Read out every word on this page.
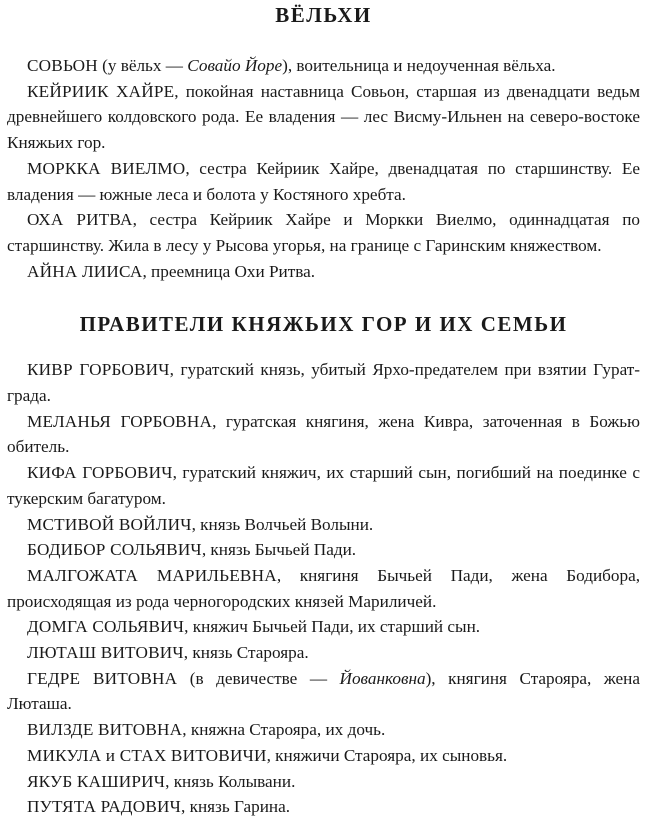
ВЁЛЬХИ

СОВЬОН (у вёльх — Совайо Йоре), воительница и недоученная вёльха.

КЕЙРИИК ХАЙРЕ, покойная наставница Совьон, старшая из двенадцати ведьм древнейшего колдовского рода. Ее владения — лес Висму-Ильнен на северо-востоке Княжьих гор.

МОРККА ВИЕЛМО, сестра Кейриик Хайре, двенадцатая по старшинству. Ее владения — южные леса и болота у Костяного хребта.

ОХА РИТВА, сестра Кейриик Хайре и Моркки Виелмо, одиннадцатая по старшинству. Жила в лесу у Рысова угорья, на границе с Гаринским княжеством.

АЙНА ЛИИСА, преемница Охи Ритва.

ПРАВИТЕЛИ КНЯЖЬИХ ГОР И ИХ СЕМЬИ

КИВР ГОРБОВИЧ, гуратский князь, убитый Ярхо-предателем при взятии Гурат-града.

МЕЛАНЬЯ ГОРБОВНА, гуратская княгиня, жена Кивра, заточенная в Божью обитель.

КИФА ГОРБОВИЧ, гуратский княжич, их старший сын, погибший на поединке с тукерским багатуром.

МСТИВОЙ ВОЙЛИЧ, князь Волчьей Волыни.

БОДИБОР СОЛЬЯВИЧ, князь Бычьей Пади.

МАЛГОЖАТА МАРИЛЬЕВНА, княгиня Бычьей Пади, жена Бодибора, происходящая из рода черногородских князей Мариличей.

ДОМГА СОЛЬЯВИЧ, княжич Бычьей Пади, их старший сын.

ЛЮТАШ ВИТОВИЧ, князь Старояра.

ГЕДРЕ ВИТОВНА (в девичестве — Йованковна), княгиня Старояра, жена Люташа.

ВИЛЗДЕ ВИТОВНА, княжна Старояра, их дочь.

МИКУЛА и СТАХ ВИТОВИЧИ, княжичи Старояра, их сыновья.

ЯКУБ КАШИРИЧ, князь Колывани.

ПУТЯТА РАДОВИЧ, князь Гарина.
